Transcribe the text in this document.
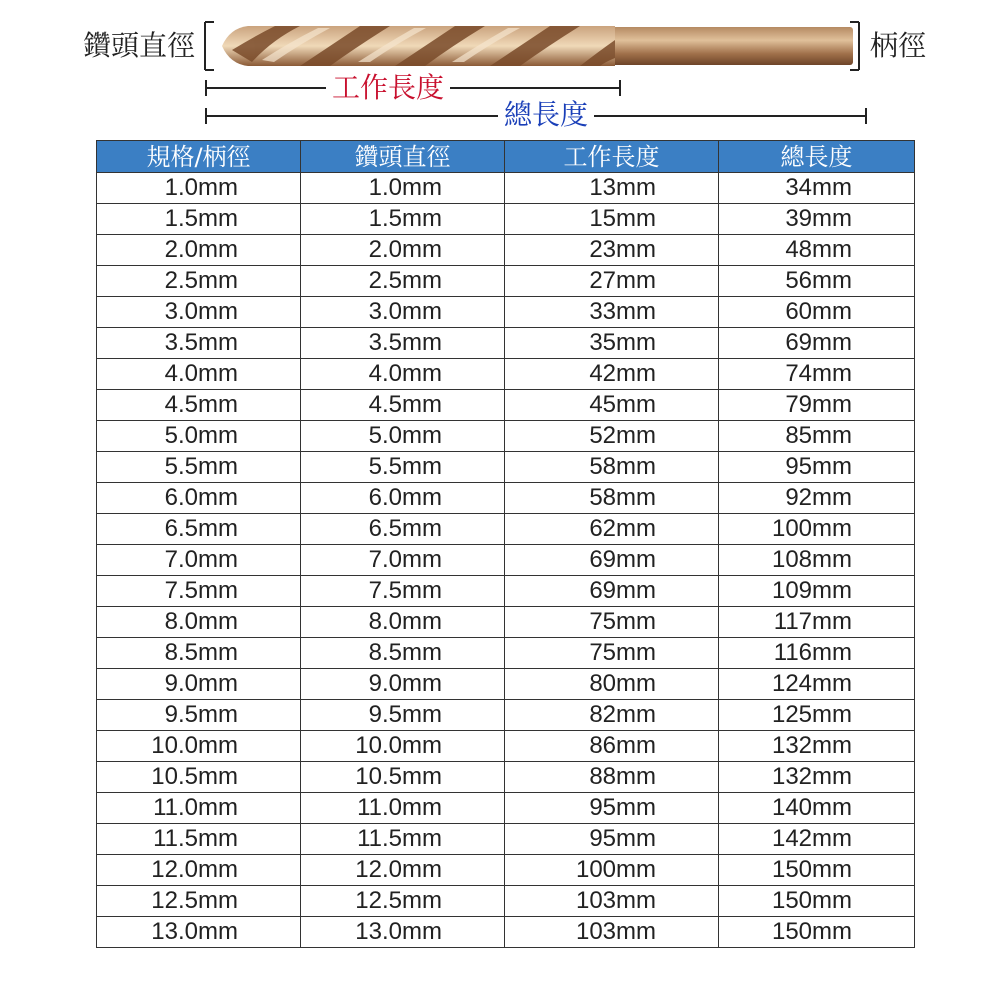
鑽頭直徑	柄徑
工作長度
總長度
規格/柄徑	鑽頭直徑	工作長度	總長度
1.0mm	1.0mm	13mm	34mm
1.5mm	1.5mm	15mm	39mm
2.0mm	2.0mm	23mm	48mm
2.5mm	2.5mm	27mm	56mm
3.0mm	3.0mm	33mm	60mm
3.5mm	3.5mm	35mm	69mm
4.0mm	4.0mm	42mm	74mm
4.5mm	4.5mm	45mm	79mm
5.0mm	5.0mm	52mm	85mm
5.5mm	5.5mm	58mm	95mm
6.0mm	6.0mm	58mm	92mm
6.5mm	6.5mm	62mm	100mm
7.0mm	7.0mm	69mm	108mm
7.5mm	7.5mm	69mm	109mm
8.0mm	8.0mm	75mm	117mm
8.5mm	8.5mm	75mm	116mm
9.0mm	9.0mm	80mm	124mm
9.5mm	9.5mm	82mm	125mm
10.0mm	10.0mm	86mm	132mm
10.5mm	10.5mm	88mm	132mm
11.0mm	11.0mm	95mm	140mm
11.5mm	11.5mm	95mm	142mm
12.0mm	12.0mm	100mm	150mm
12.5mm	12.5mm	103mm	150mm
13.0mm	13.0mm	103mm	150mm
